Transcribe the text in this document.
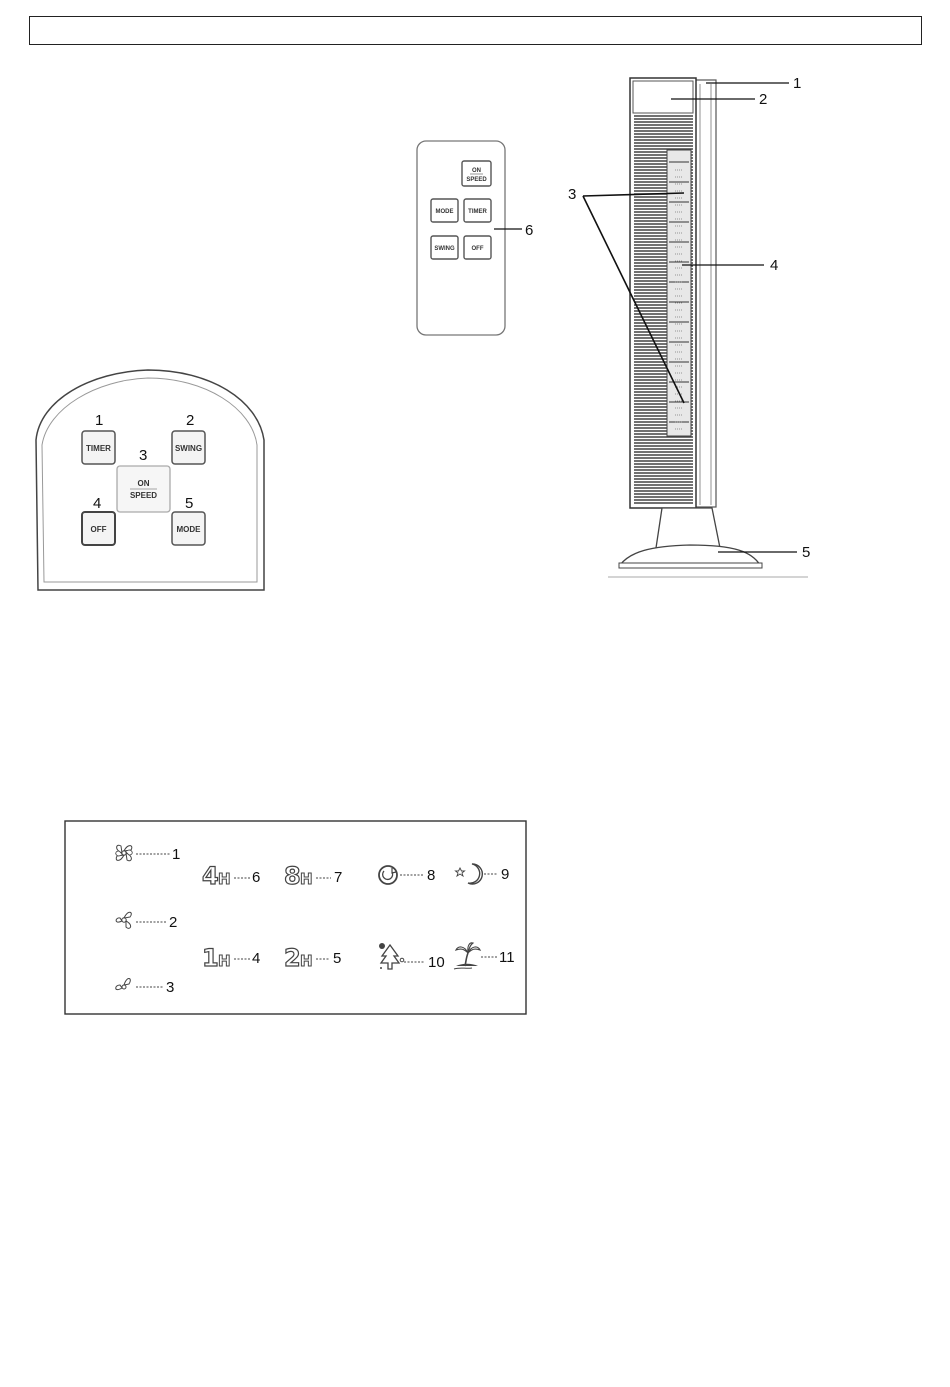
ON
SPEED
MODE TIMER
SWING	OFF
6
TIMER	SWING
ON
SPEED
OFF	MODE
1	2
3
4	5
1
2
3
4
5
1
2
3
4 H 6 8 H 7
1 H 4 2 H 5
8	9
10	11
